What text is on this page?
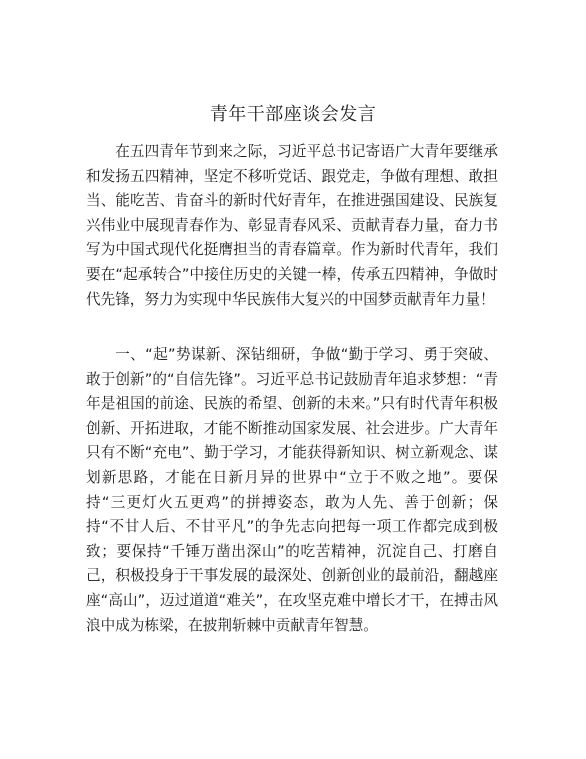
青年干部座谈会发言

在五四青年节到来之际，习近平总书记寄语广大青年要继承和发扬五四精神，坚定不移听党话、跟党走，争做有理想、敢担当、能吃苦、肯奋斗的新时代好青年，在推进强国建设、民族复兴伟业中展现青春作为、彰显青春风采、贡献青春力量，奋力书写为中国式现代化挺膺担当的青春篇章。作为新时代青年，我们要在“起承转合”中接住历史的关键一棒，传承五四精神，争做时代先锋，努力为实现中华民族伟大复兴的中国梦贡献青年力量！

一、“起”势谋新、深钻细研，争做“勤于学习、勇于突破、敢于创新”的“自信先锋”。习近平总书记鼓励青年追求梦想：“青年是祖国的前途、民族的希望、创新的未来。”只有时代青年积极创新、开拓进取，才能不断推动国家发展、社会进步。广大青年只有不断“充电”、勤于学习，才能获得新知识、树立新观念、谋划新思路，才能在日新月异的世界中“立于不败之地”。要保持“三更灯火五更鸡”的拼搏姿态，敢为人先、善于创新；保持“不甘人后、不甘平凡”的争先志向把每一项工作都完成到极致；要保持“千锤万凿出深山”的吃苦精神，沉淀自己、打磨自己，积极投身于干事发展的最深处、创新创业的最前沿，翻越座座“高山”，迈过道道“难关”，在攻坚克难中增长才干，在搏击风浪中成为栋梁，在披荆斩棘中贡献青年智慧。
